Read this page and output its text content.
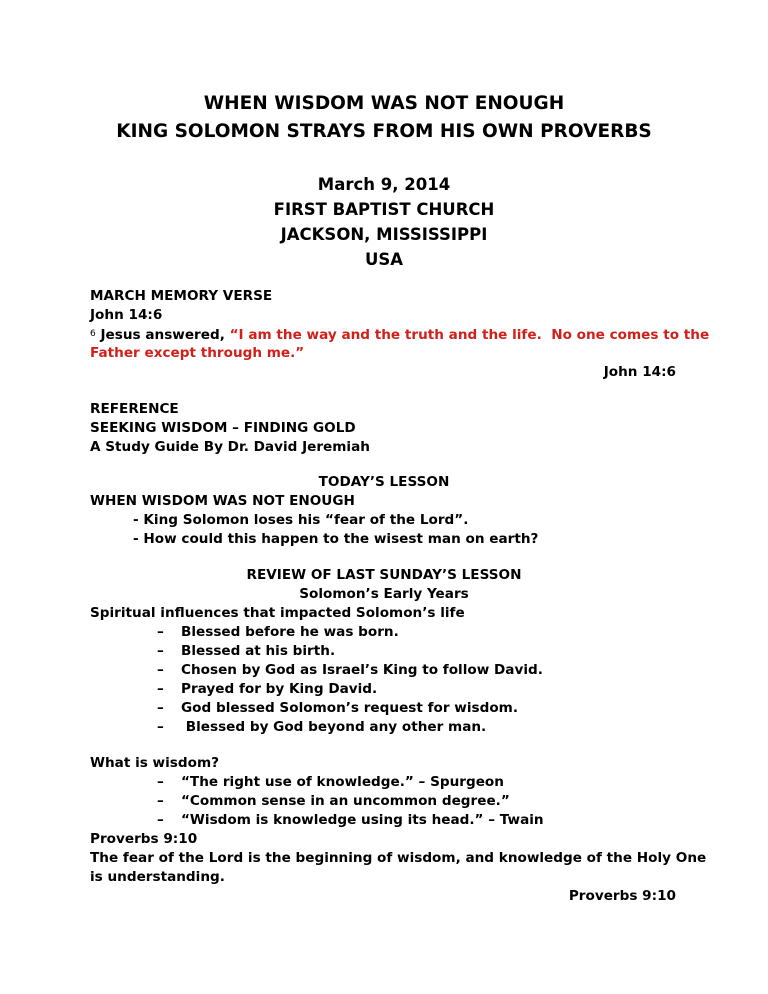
WHEN WISDOM WAS NOT ENOUGH
KING SOLOMON STRAYS FROM HIS OWN PROVERBS
March 9, 2014
FIRST BAPTIST CHURCH
JACKSON, MISSISSIPPI
USA
MARCH MEMORY VERSE
John 14:6
$^6$ Jesus answered, “I am the way and the truth and the life.  No one comes to the
Father except through me.”
John 14:6
REFERENCE
SEEKING WISDOM – FINDING GOLD
A Study Guide By Dr. David Jeremiah
TODAY’S LESSON
WHEN WISDOM WAS NOT ENOUGH
- King Solomon loses his “fear of the Lord”.
- How could this happen to the wisest man on earth?
REVIEW OF LAST SUNDAY’S LESSON
Solomon’s Early Years
Spiritual influences that impacted Solomon’s life
– Blessed before he was born.
– Blessed at his birth.
– Chosen by God as Israel’s King to follow David.
– Prayed for by King David.
– God blessed Solomon’s request for wisdom.
– Blessed by God beyond any other man.
What is wisdom?
– “The right use of knowledge.” – Spurgeon
– “Common sense in an uncommon degree.”
– “Wisdom is knowledge using its head.” – Twain
Proverbs 9:10
The fear of the Lord is the beginning of wisdom, and knowledge of the Holy One
is understanding.
Proverbs 9:10
